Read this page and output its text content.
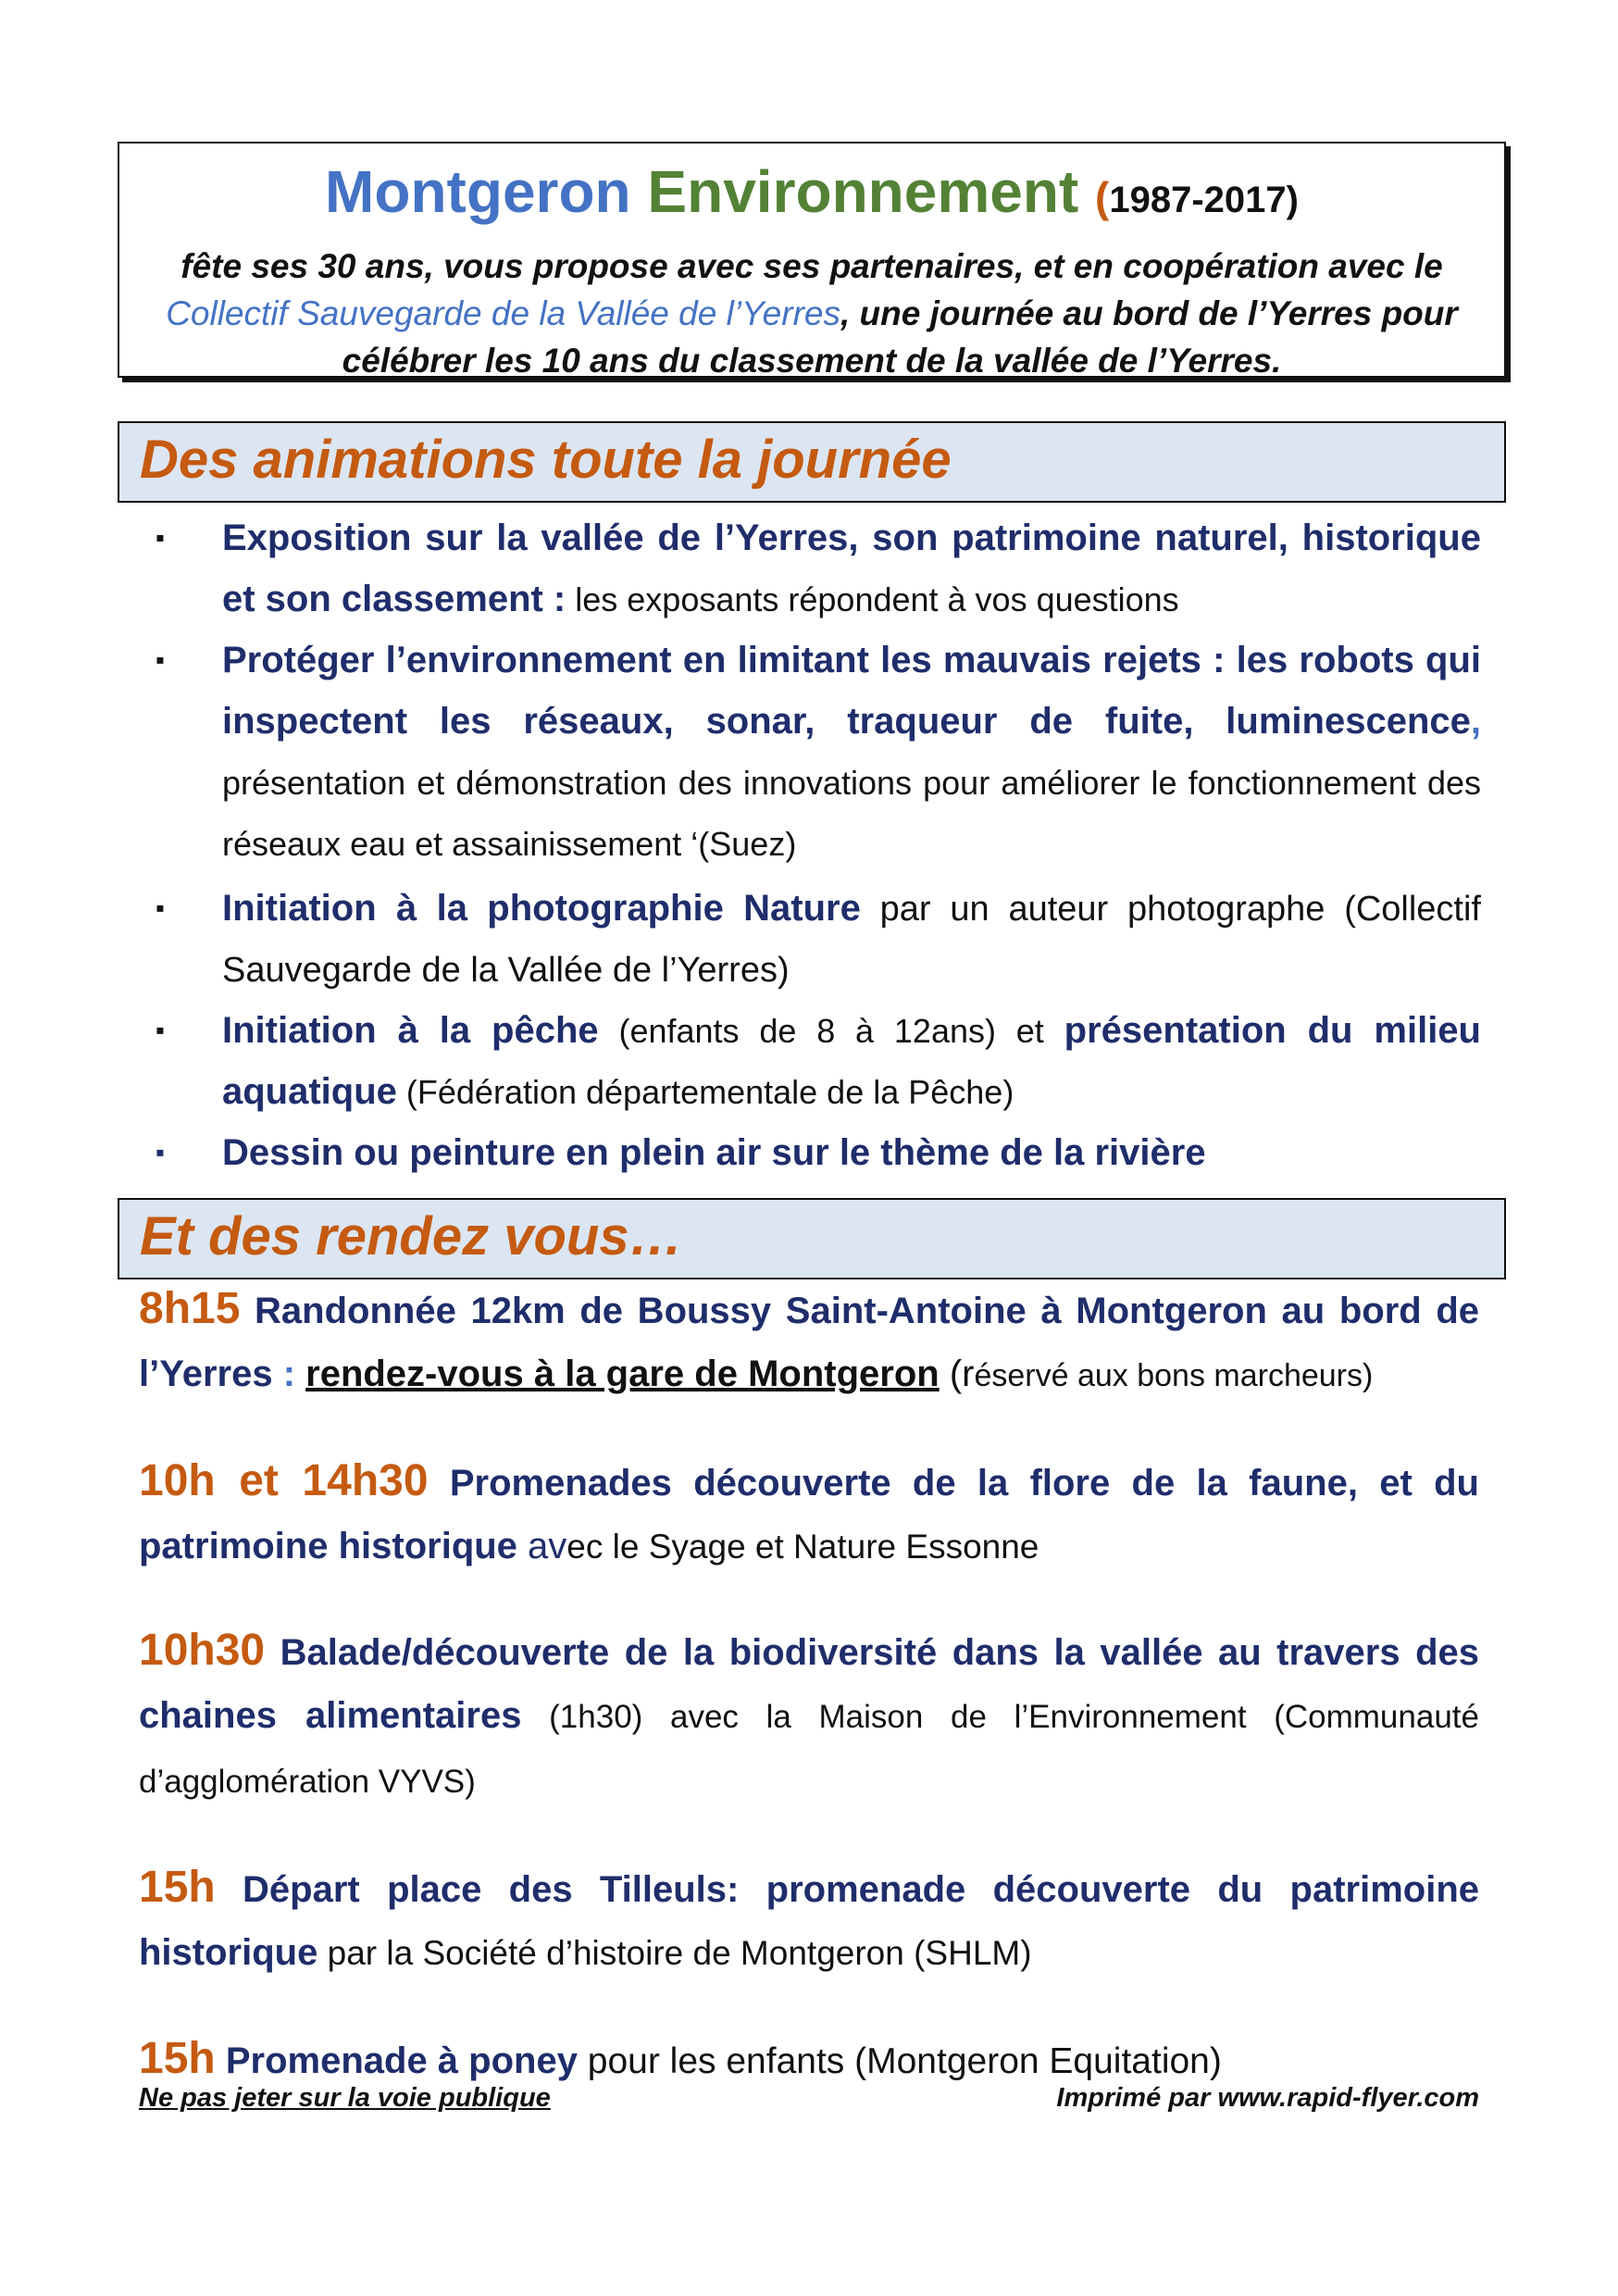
Montgeron Environnement (1987-2017)
fête ses 30 ans, vous propose avec ses partenaires, et en coopération avec le
Collectif Sauvegarde de la Vallée de l’Yerres, une journée au bord de l’Yerres pour
célébrer les 10 ans du classement de la vallée de l’Yerres.
Des animations toute la journée
▪ Exposition sur la vallée de l’Yerres, son patrimoine naturel, historique et son classement : les exposants répondent à vos questions
▪ Protéger l’environnement en limitant les mauvais rejets : les robots qui inspectent les réseaux, sonar, traqueur de fuite, luminescence, présentation et démonstration des innovations pour améliorer le fonctionnement des réseaux eau et assainissement ‘(Suez)
▪ Initiation à la photographie Nature par un auteur photographe (Collectif Sauvegarde de la Vallée de l’Yerres)
▪ Initiation à la pêche (enfants de 8 à 12ans) et présentation du milieu aquatique (Fédération départementale de la Pêche)
▪ Dessin ou peinture en plein air sur le thème de la rivière
Et des rendez vous…
8h15 Randonnée 12km de Boussy Saint-Antoine à Montgeron au bord de l’Yerres : rendez-vous à la gare de Montgeron (réservé aux bons marcheurs)
10h et 14h30 Promenades découverte de la flore de la faune, et du patrimoine historique avec le Syage et Nature Essonne
10h30 Balade/découverte de la biodiversité dans la vallée au travers des chaines alimentaires (1h30) avec la Maison de l’Environnement (Communauté d’agglomération VYVS)
15h Départ place des Tilleuls: promenade découverte du patrimoine historique par la Société d’histoire de Montgeron (SHLM)
15h Promenade à poney pour les enfants (Montgeron Equitation)
Ne pas jeter sur la voie publique	Imprimé par www.rapid-flyer.com
